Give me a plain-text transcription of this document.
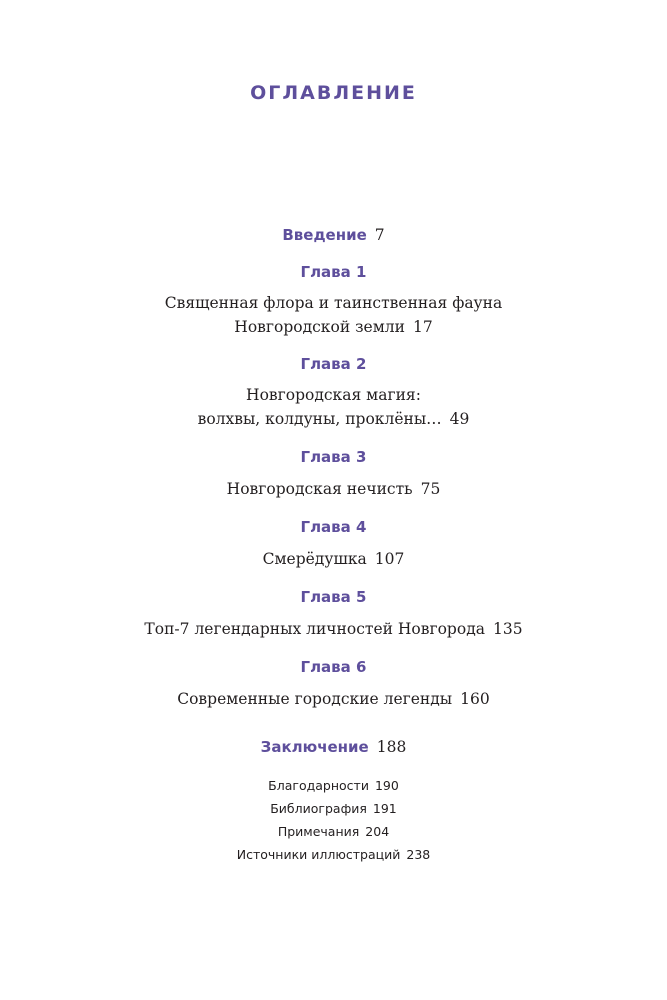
ОГЛАВЛЕНИЕ
Введение 7
Глава 1
Священная флора и таинственная фауна
Новгородской земли 17
Глава 2
Новгородская магия:
волхвы, колдуны, проклёны… 49
Глава 3
Новгородская нечисть 75
Глава 4
Смерёдушка 107
Глава 5
Топ-7 легендарных личностей Новгорода 135
Глава 6
Современные городские легенды 160
Заключение 188
Благодарности 190
Библиография 191
Примечания 204
Источники иллюстраций 238
